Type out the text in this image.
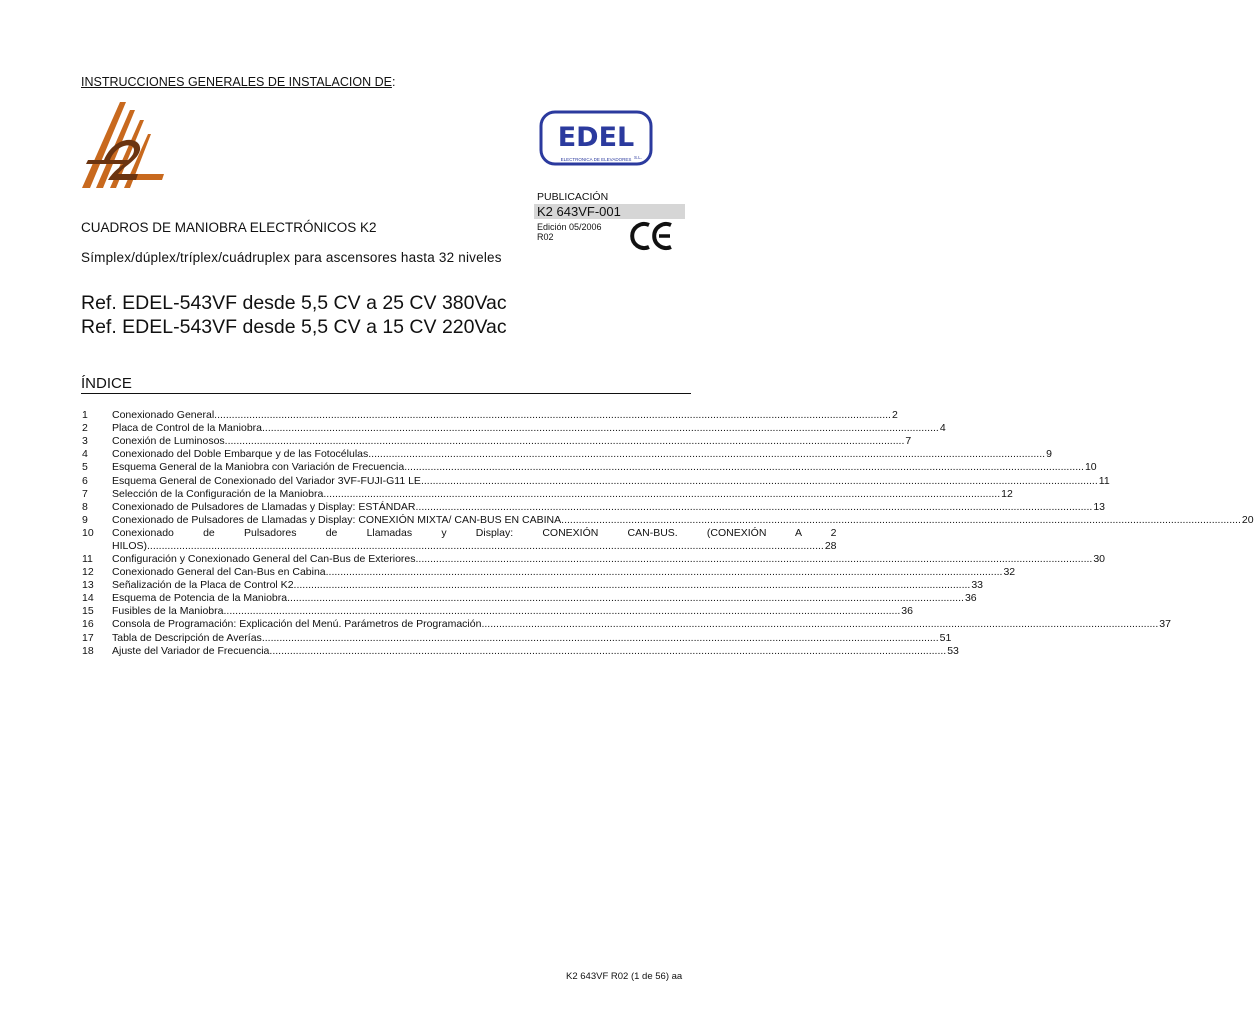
INSTRUCCIONES GENERALES DE INSTALACION DE:
EDEL
ELECTRONICA DE ELEVADORES S.L.
PUBLICACIÓN
K2 643VF-001
Edición 05/2006
R02
CUADROS DE MANIOBRA ELECTRÓNICOS K2
Símplex/dúplex/tríplex/cuádruplex para ascensores hasta 32 niveles
Ref. EDEL-543VF desde 5,5 CV a 25 CV 380Vac
Ref. EDEL-543VF desde 5,5 CV a 15 CV 220Vac
ÍNDICE
1	Conexionado General .....	2
2	Placa de Control de la Maniobra .....	4
3	Conexión de Luminosos. .....	7
4	Conexionado del Doble Embarque y de las Fotocélulas .....	9
5	Esquema General de la Maniobra con Variación de Frecuencia. .....	10
6	Esquema General de Conexionado del Variador 3VF-FUJI-G11 LE .....	11
7	Selección de la Configuración de la Maniobra .....	12
8	Conexionado de Pulsadores de Llamadas y Display: ESTÁNDAR .....	13
9	Conexionado de Pulsadores de Llamadas y Display: CONEXIÓN MIXTA/ CAN-BUS EN CABINA. .....	20
10	Conexionado de Pulsadores de Llamadas y Display: CONEXIÓN CAN-BUS. (CONEXIÓN A 2
HILOS) .....	28
11	Configuración y Conexionado General del Can-Bus de Exteriores .....	30
12	Conexionado General del Can-Bus en Cabina .....	32
13	Señalización de la Placa de Control K2 .....	33
14	Esquema de Potencia de la Maniobra .....	36
15	Fusibles de la Maniobra .....	36
16	Consola de Programación: Explicación del Menú. Parámetros de Programación .....	37
17	Tabla de Descripción de Averías .....	51
18	Ajuste del Variador de Frecuencia .....	53
K2 643VF R02 (1 de 56) aa
